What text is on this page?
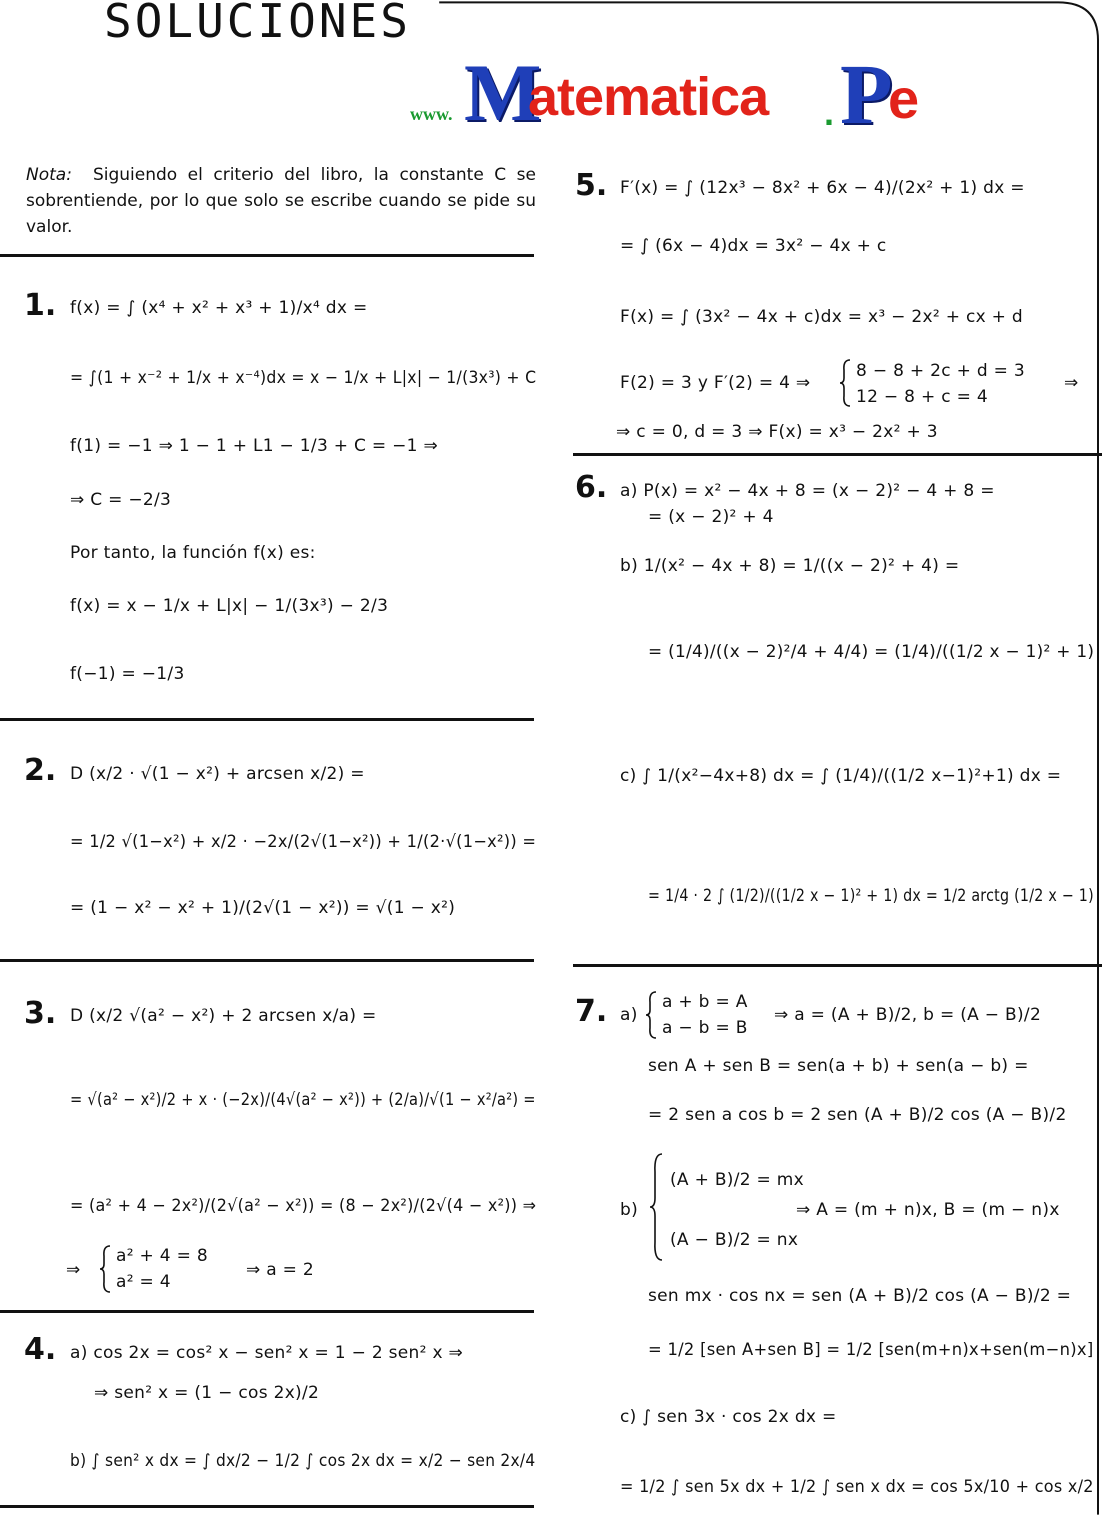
SOLUCIONES
www. M
atematica . P
e
Nota: Siguiendo el criterio del libro, la constante C se sobrentiende, por lo que solo se escribe cuando se pide su valor.
1. f(x) = ∫ (x⁴ + x² + x³ + 1)/x⁴ dx =
= ∫(1 + x⁻² + 1/x + x⁻⁴)dx = x − 1/x + L|x| − 1/(3x³) + C
f(1) = −1 ⇒ 1 − 1 + L1 − 1/3 + C = −1 ⇒
⇒ C = −2/3
Por tanto, la función f(x) es:
f(x) = x − 1/x + L|x| − 1/(3x³) − 2/3
f(−1) = −1/3
2. D (x/2 · √(1 − x²) + arcsen x/2) =
= 1/2 √(1−x²) + x/2 · −2x/(2√(1−x²)) + 1/(2·√(1−x²)) =
= (1 − x² − x² + 1)/(2√(1 − x²)) = √(1 − x²)
3. D (x/2 √(a² − x²) + 2 arcsen x/a) =
= √(a² − x²)/2 + x · (−2x)/(4√(a² − x²)) + (2/a)/√(1 − x²/a²) =
= (a² + 4 − 2x²)/(2√(a² − x²)) = (8 − 2x²)/(2√(4 − x²)) ⇒
⇒
a² + 4 = 8
a² = 4
⇒ a = 2
4. a) cos 2x = cos² x − sen² x = 1 − 2 sen² x ⇒
⇒ sen² x = (1 − cos 2x)/2
b) ∫ sen² x dx = ∫ dx/2 − 1/2 ∫ cos 2x dx = x/2 − sen 2x/4
5. F′(x) = ∫ (12x³ − 8x² + 6x − 4)/(2x² + 1) dx =
= ∫ (6x − 4)dx = 3x² − 4x + c
F(x) = ∫ (3x² − 4x + c)dx = x³ − 2x² + cx + d
F(2) = 3 y F′(2) = 4 ⇒
8 − 8 + 2c + d = 3
12 − 8 + c = 4
⇒
⇒ c = 0, d = 3 ⇒ F(x) = x³ − 2x² + 3
6. a) P(x) = x² − 4x + 8 = (x − 2)² − 4 + 8 =
= (x − 2)² + 4
b) 1/(x² − 4x + 8) = 1/((x − 2)² + 4) =
= (1/4)/((x − 2)²/4 + 4/4) = (1/4)/((1/2 x − 1)² + 1)
c) ∫ 1/(x²−4x+8) dx = ∫ (1/4)/((1/2 x−1)²+1) dx =
= 1/4 · 2 ∫ (1/2)/((1/2 x − 1)² + 1) dx = 1/2 arctg (1/2 x − 1)
7. a)
a + b = A
a − b = B
⇒ a = (A + B)/2, b = (A − B)/2
sen A + sen B = sen(a + b) + sen(a − b) =
= 2 sen a cos b = 2 sen (A + B)/2 cos (A − B)/2
b)
(A + B)/2 = mx
(A − B)/2 = nx
⇒ A = (m + n)x, B = (m − n)x
sen mx · cos nx = sen (A + B)/2 cos (A − B)/2 =
= 1/2 [sen A+sen B] = 1/2 [sen(m+n)x+sen(m−n)x]
c) ∫ sen 3x · cos 2x dx =
= 1/2 ∫ sen 5x dx + 1/2 ∫ sen x dx = cos 5x/10 + cos x/2
